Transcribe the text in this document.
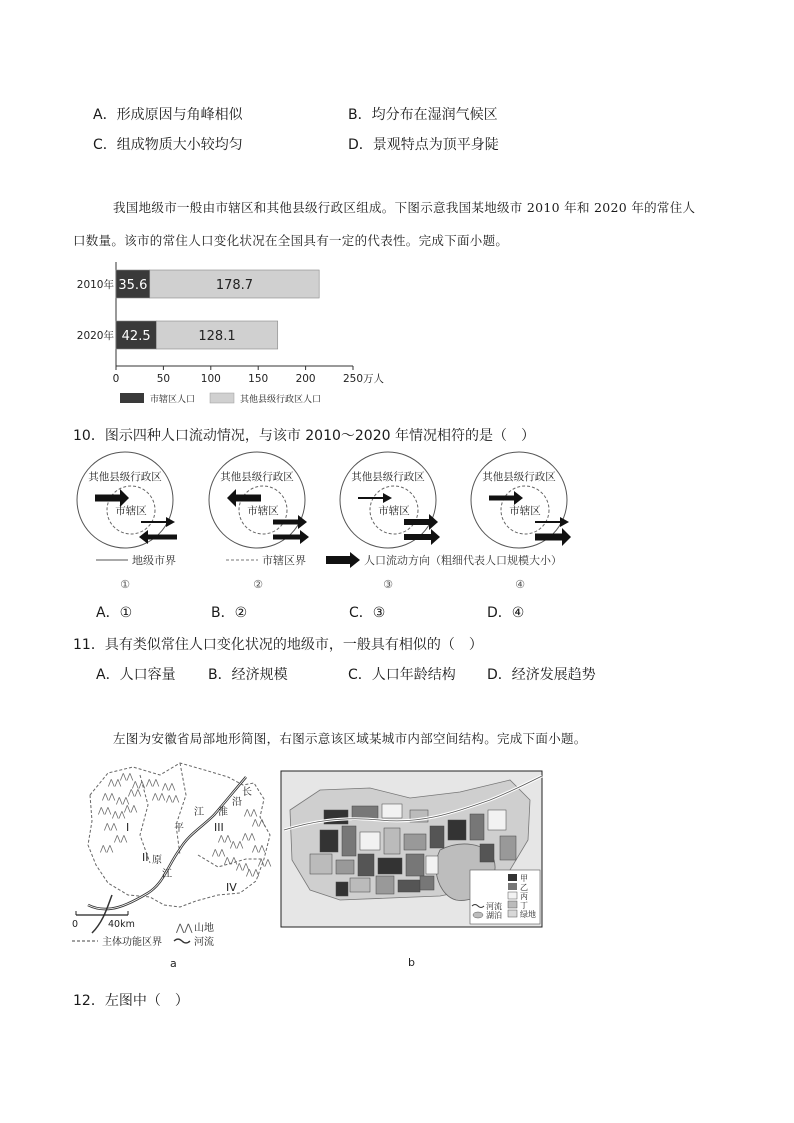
A．形成原因与角峰相似	B．均分布在湿润气候区
C．组成物质大小较均匀	D．景观特点为顶平身陡
我国地级市一般由市辖区和其他县级行政区组成。下图示意我国某地级市 2010 年和 2020 年的常住人
口数量。该市的常住人口变化状况在全国具有一定的代表性。完成下面小题。
35.6	178.7
2010年
42.5	128.1
2020年
0	50	100	150	200	250 万人
市辖区人口	其他县级行政区人口
10．图示四种人口流动情况，与该市 2010～2020 年情况相符的是（　）
其他县级行政区
市辖区
其他县级行政区
市辖区
其他县级行政区
市辖区
其他县级行政区
市辖区
地级市界	市辖区界	人口流动方向（粗细代表人口规模大小）
①	②	③	④
A．①	B．②	C．③	D．④
11．具有类似常住人口变化状况的地级市，一般具有相似的（　）
A．人口容量 B．经济规模	C．人口年龄结构 D．经济发展趋势
左图为安徽省局部地形简图，右图示意该区域某城市内部空间结构。完成下面小题。
⋀⋀
⋀⋀
⋀⋀
⋀⋀ ⋀⋀
⋀⋀
⋀⋀ ⋀⋀
⋀⋀
⋀⋀
⋀⋀
⋀⋀
⋀⋀ ⋀⋀
⋀⋀ ⋀⋀
⋀⋀
⋀⋀
⋀⋀
⋀⋀
⋀⋀
⋀⋀
⋀⋀
⋀⋀
⋀⋀
⋀⋀
⋀⋀
I
II
III
IV
江 淮
平
原
长
江
沿
0	40km	⋀⋀ 山地
主体功能区界	河流
a
甲
乙
丙
丁
绿地
河流
湖泊
b
12．左图中（　）
